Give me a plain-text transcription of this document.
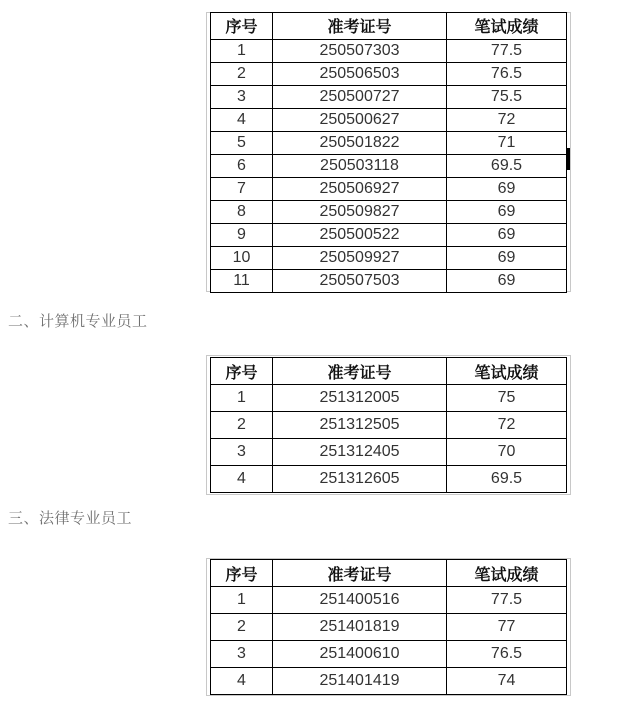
序号	准考证号	笔试成绩
1	250507303	77.5
2	250506503	76.5
3	250500727	75.5
4	250500627	72
5	250501822	71
6	250503118	69.5
7	250506927	69
8	250509827	69
9	250500522	69
10	250509927	69
11	250507503	69
二、计算机专业员工
序号	准考证号	笔试成绩
1	251312005	75
2	251312505	72
3	251312405	70
4	251312605	69.5
三、法律专业员工
序号	准考证号	笔试成绩
1	251400516	77.5
2	251401819	77
3	251400610	76.5
4	251401419	74
